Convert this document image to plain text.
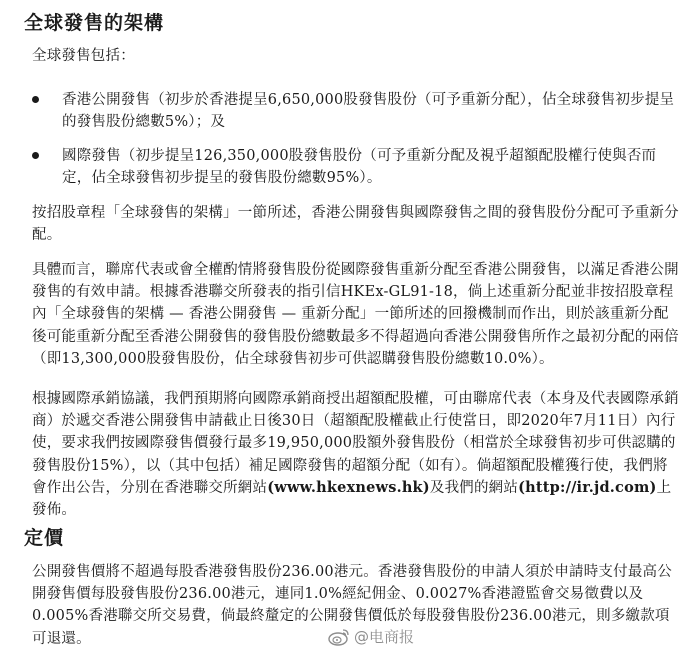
全球發售的架構

全球發售包括：

香港公開發售（初步於香港提呈6,650,000股發售股份（可予重新分配），佔全球發售初步提呈的發售股份總數5%）；及
國際發售（初步提呈126,350,000股發售股份（可予重新分配及視乎超額配股權行使與否而定，佔全球發售初步提呈的發售股份總數95%）。

按招股章程「全球發售的架構」一節所述，香港公開發售與國際發售之間的發售股份分配可予重新分配。

具體而言，聯席代表或會全權酌情將發售股份從國際發售重新分配至香港公開發售，以滿足香港公開發售的有效申請。根據香港聯交所發表的指引信HKEx-GL91-18，倘上述重新分配並非按招股章程內「全球發售的架構 — 香港公開發售 — 重新分配」一節所述的回撥機制而作出，則於該重新分配後可能重新分配至香港公開發售的發售股份總數最多不得超過向香港公開發售所作之最初分配的兩倍（即13,300,000股發售股份，佔全球發售初步可供認購發售股份總數10.0%）。

根據國際承銷協議，我們預期將向國際承銷商授出超額配股權，可由聯席代表（本身及代表國際承銷商）於遞交香港公開發售申請截止日後30日（超額配股權截止行使當日，即2020年7月11日）內行使，要求我們按國際發售價發行最多19,950,000股額外發售股份（相當於全球發售初步可供認購的發售股份15%），以（其中包括）補足國際發售的超額分配（如有）。倘超額配股權獲行使，我們將會作出公告，分別在香港聯交所網站(www.hkexnews.hk)及我們的網站(http://ir.jd.com)上發佈。

定價

公開發售價將不超過每股香港發售股份236.00港元。香港發售股份的申請人須於申請時支付最高公開發售價每股發售股份236.00港元，連同1.0%經紀佣金、0.0027%香港證監會交易徵費以及0.005%香港聯交所交易費，倘最終釐定的公開發售價低於每股發售股份236.00港元，則多繳款項可退還。	@电商报
